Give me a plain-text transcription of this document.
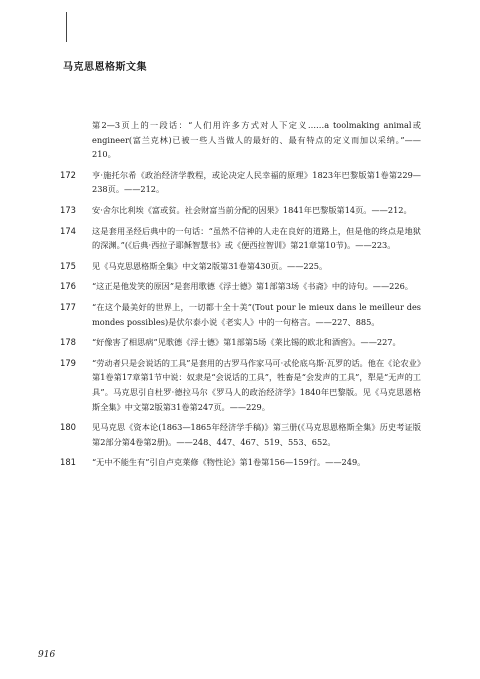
马克思恩格斯文集
第2—3页上的一段话：“人们用许多方式对人下定义……a toolmaking animal或engineer(富兰克林)已被一些人当做人的最好的、最有特点的定义而加以采纳。”——210。
172	亨·施托尔希《政治经济学教程，或论决定人民幸福的原理》1823年巴黎版第1卷第229—238页。——212。
173	安·舍尔比利埃《富或贫。社会财富当前分配的因果》1841年巴黎版第14页。——212。
174	这是套用圣经后典中的一句话：“虽然不信神的人走在良好的道路上，但是他的终点是地狱的深渊。”(《后典·西拉子耶稣智慧书》或《便西拉智训》第21章第10节)。——223。
175	见《马克思恩格斯全集》中文第2版第31卷第430页。——225。
176	“这正是他发笑的原因”是套用歌德《浮士德》第1部第3场《书斋》中的诗句。——226。
177	“在这个最美好的世界上，一切都十全十美”(Tout pour le mieux dans le meilleur des mondes possibles)是伏尔泰小说《老实人》中的一句格言。——227、885。
178	“好像害了相思病”见歌德《浮士德》第1部第5场《莱比锡的欧北和酒窖》。——227。
179	“劳动者只是会说话的工具”是套用的古罗马作家马可·忒伦底乌斯·瓦罗的话。他在《论农业》第1卷第17章第1节中说：奴隶是“会说话的工具”，牲畜是“会发声的工具”，犁是“无声的工具”。马克思引自杜罗·德拉马尔《罗马人的政治经济学》1840年巴黎版。见《马克思恩格斯全集》中文第2版第31卷第247页。——229。
180	见马克思《资本论(1863—1865年经济学手稿)》第三册(《马克思恩格斯全集》历史考证版第2部分第4卷第2册)。——248、447、467、519、553、652。
181	“无中不能生有”引自卢克莱修《物性论》第1卷第156—159行。——249。
916
